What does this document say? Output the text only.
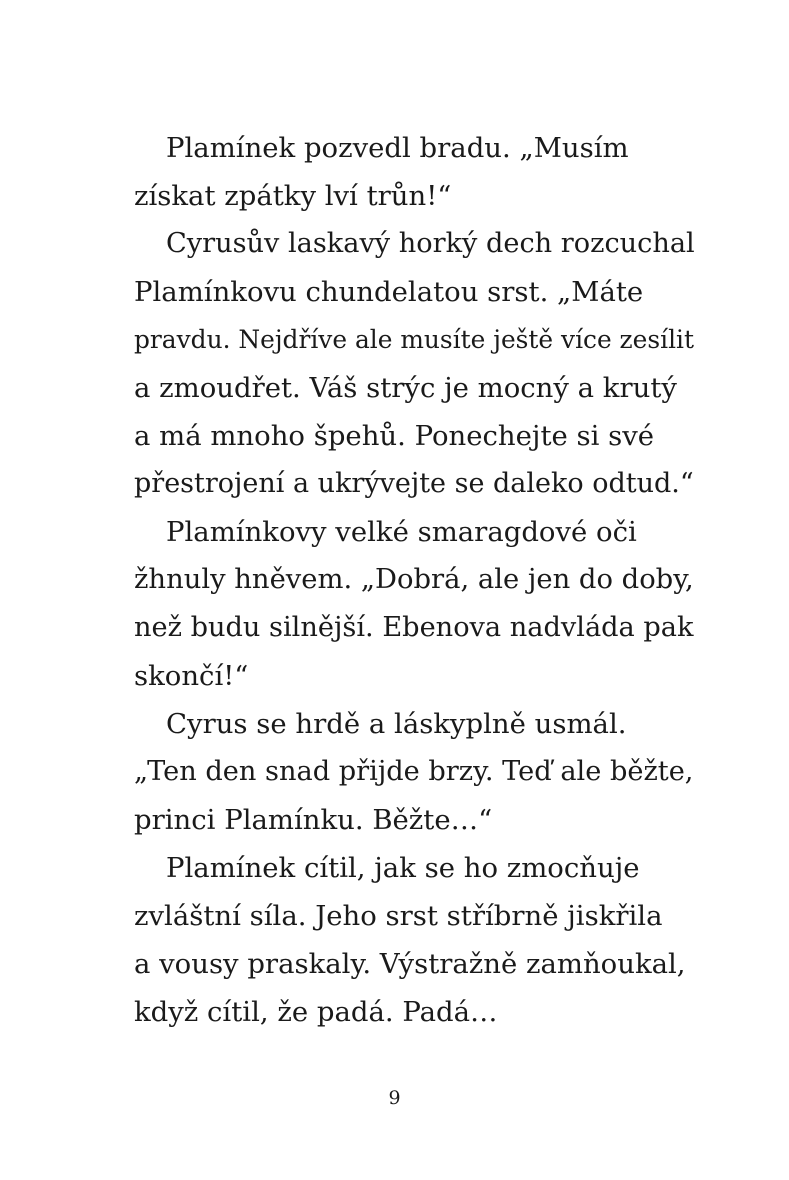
Plamínek pozvedl bradu. „Musím
získat zpátky lví trůn!“
Cyrusův laskavý horký dech rozcuchal
Plamínkovu chundelatou srst. „Máte
pravdu. Nejdříve ale musíte ještě více zesílit
a zmoudřet. Váš strýc je mocný a krutý
a má mnoho špehů. Ponechejte si své
přestrojení a ukrývejte se daleko odtud.“
Plamínkovy velké smaragdové oči
žhnuly hněvem. „Dobrá, ale jen do doby,
než budu silnější. Ebenova nadvláda pak
skončí!“
Cyrus se hrdě a láskyplně usmál.
„Ten den snad přijde brzy. Teď ale běžte,
princi Plamínku. Běžte…“
Plamínek cítil, jak se ho zmocňuje
zvláštní síla. Jeho srst stříbrně jiskřila
a vousy praskaly. Výstražně zamňoukal,
když cítil, že padá. Padá…
9
